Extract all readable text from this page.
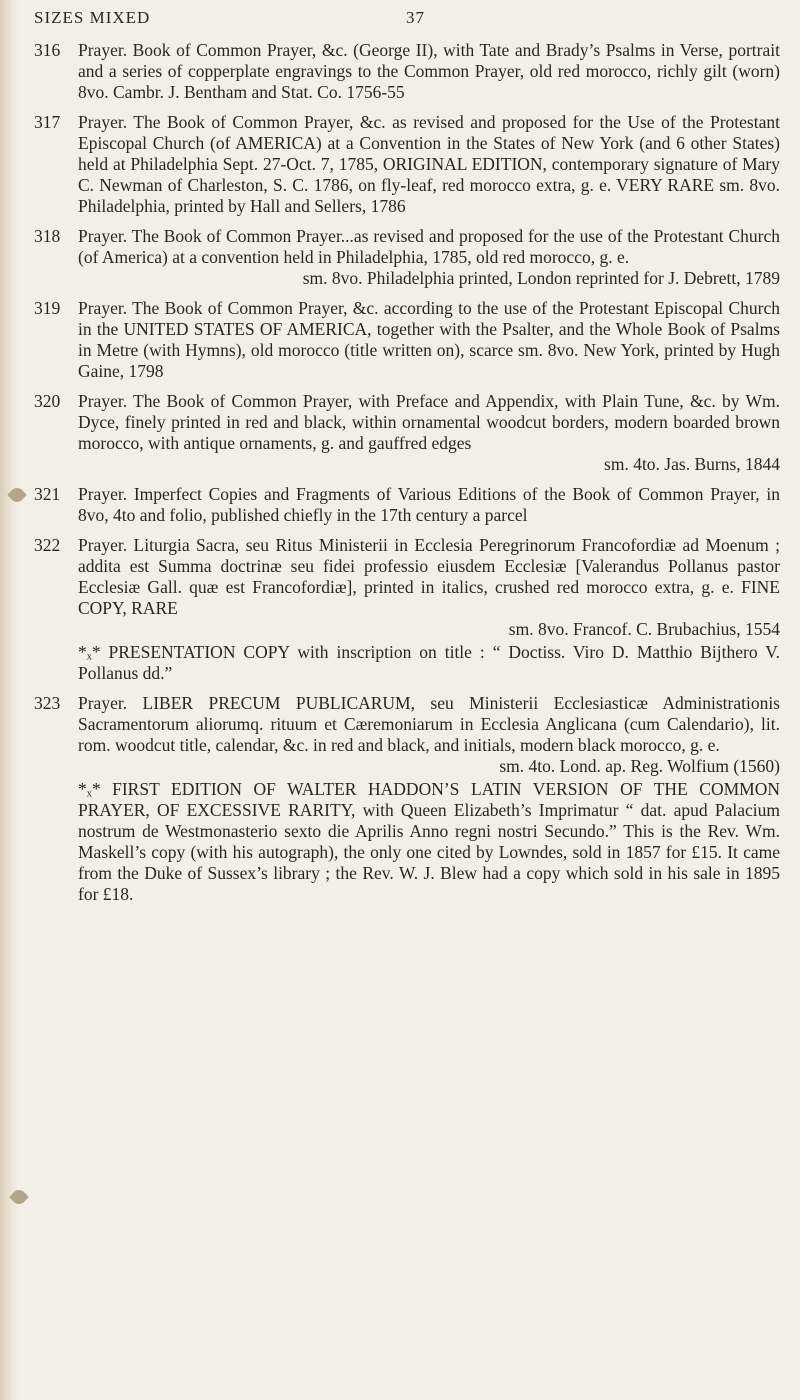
SIZES MIXED	37
316 Prayer. Book of Common Prayer, &c. (George II), with Tate and Brady’s Psalms in Verse, portrait and a series of copperplate engravings to the Common Prayer, old red morocco, richly gilt (worn) 8vo. Cambr. J. Bentham and Stat. Co. 1756-55

317 Prayer. The Book of Common Prayer, &c. as revised and proposed for the Use of the Protestant Episcopal Church (of AMERICA) at a Convention in the States of New York (and 6 other States) held at Philadelphia Sept. 27-Oct. 7, 1785, ORIGINAL EDITION, contemporary signature of Mary C. Newman of Charleston, S. C. 1786, on fly-leaf, red morocco extra, g. e. VERY RARE sm. 8vo. Philadelphia, printed by Hall and Sellers, 1786

318 Prayer. The Book of Common Prayer...as revised and proposed for the use of the Protestant Church (of America) at a convention held in Philadelphia, 1785, old red morocco, g. e.

sm. 8vo. Philadelphia printed, London reprinted for J. Debrett, 1789

319 Prayer. The Book of Common Prayer, &c. according to the use of the Protestant Episcopal Church in the UNITED STATES OF AMERICA, together with the Psalter, and the Whole Book of Psalms in Metre (with Hymns), old morocco (title written on), scarce sm. 8vo. New York, printed by Hugh Gaine, 1798

320 Prayer. The Book of Common Prayer, with Preface and Appendix, with Plain Tune, &c. by Wm. Dyce, finely printed in red and black, within ornamental woodcut borders, modern boarded brown morocco, with antique ornaments, g. and gauffred edges

sm. 4to. Jas. Burns, 1844

321 Prayer. Imperfect Copies and Fragments of Various Editions of the Book of Common Prayer, in 8vo, 4to and folio, published chiefly in the 17th century a parcel

322 Prayer. Liturgia Sacra, seu Ritus Ministerii in Ecclesia Peregrinorum Francofordiæ ad Moenum ; addita est Summa doctrinæ seu fidei professio eiusdem Ecclesiæ [Valerandus Pollanus pastor Ecclesiæ Gall. quæ est Francofordiæ], printed in italics, crushed red morocco extra, g. e. FINE COPY, RARE

sm. 8vo. Francof. C. Brubachius, 1554

*ₓ* PRESENTATION COPY with inscription on title : “ Doctiss. Viro D. Matthio Bijthero V. Pollanus dd.”

323 Prayer. LIBER PRECUM PUBLICARUM, seu Ministerii Ecclesiasticæ Administrationis Sacramentorum aliorumq. rituum et Cæremoniarum in Ecclesia Anglicana (cum Calendario), lit. rom. woodcut title, calendar, &c. in red and black, and initials, modern black morocco, g. e.

sm. 4to. Lond. ap. Reg. Wolfium (1560)

*ₓ* FIRST EDITION OF WALTER HADDON’S LATIN VERSION OF THE COMMON PRAYER, OF EXCESSIVE RARITY, with Queen Elizabeth’s Imprimatur “ dat. apud Palacium nostrum de Westmonasterio sexto die Aprilis Anno regni nostri Secundo.” This is the Rev. Wm. Maskell’s copy (with his autograph), the only one cited by Lowndes, sold in 1857 for £15. It came from the Duke of Sussex’s library ; the Rev. W. J. Blew had a copy which sold in his sale in 1895 for £18.
